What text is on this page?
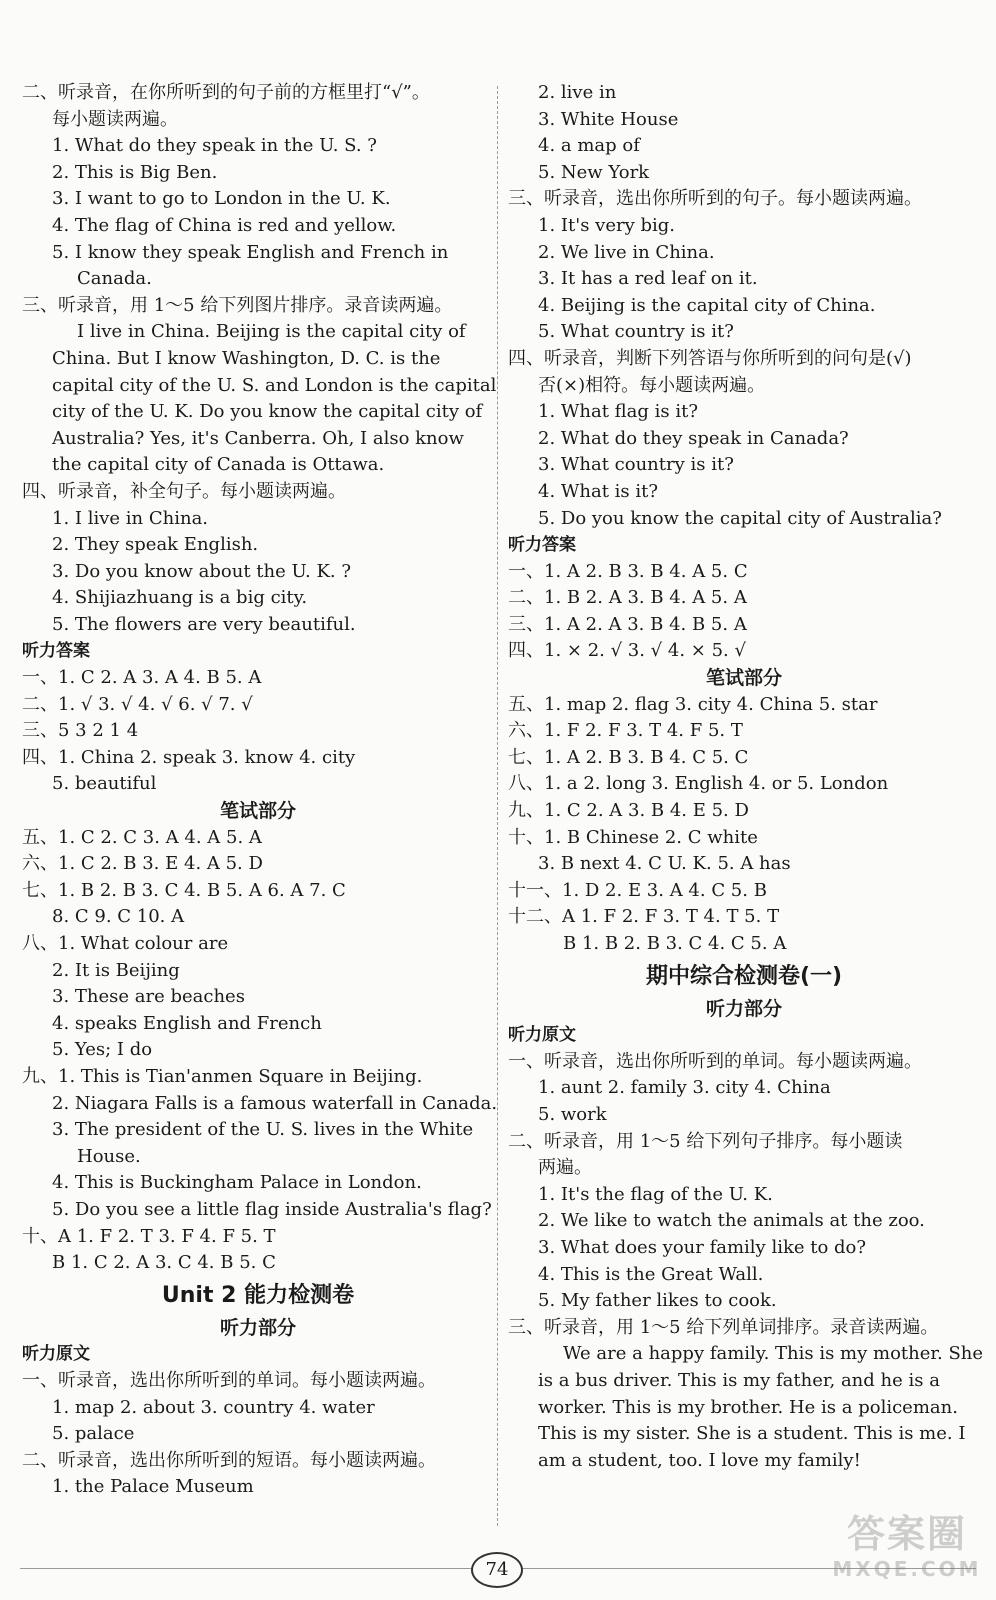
二、听录音，在你所听到的句子前的方框里打“√”。
每小题读两遍。
1. What do they speak in the U. S. ?
2. This is Big Ben.
3. I want to go to London in the U. K.
4. The flag of China is red and yellow.
5. I know they speak English and French in
Canada.
三、听录音，用 1～5 给下列图片排序。录音读两遍。
I live in China. Beijing is the capital city of
China. But I know Washington, D. C. is the
capital city of the U. S. and London is the capital
city of the U. K. Do you know the capital city of
Australia? Yes, it's Canberra. Oh, I also know
the capital city of Canada is Ottawa.
四、听录音，补全句子。每小题读两遍。
1. I live in China.
2. They speak English.
3. Do you know about the U. K. ?
4. Shijiazhuang is a big city.
5. The flowers are very beautiful.
听力答案
一、1. C 2. A 3. A 4. B 5. A
二、1. √ 3. √ 4. √ 6. √ 7. √
三、5 3 2 1 4
四、1. China 2. speak 3. know 4. city
5. beautiful
笔试部分
五、1. C 2. C 3. A 4. A 5. A
六、1. C 2. B 3. E 4. A 5. D
七、1. B 2. B 3. C 4. B 5. A 6. A 7. C
8. C 9. C 10. A
八、1. What colour are
2. It is Beijing
3. These are beaches
4. speaks English and French
5. Yes; I do
九、1. This is Tian'anmen Square in Beijing.
2. Niagara Falls is a famous waterfall in Canada.
3. The president of the U. S. lives in the White
House.
4. This is Buckingham Palace in London.
5. Do you see a little flag inside Australia's flag?
十、A 1. F 2. T 3. F 4. F 5. T
B 1. C 2. A 3. C 4. B 5. C
Unit 2 能力检测卷
听力部分
听力原文
一、听录音，选出你所听到的单词。每小题读两遍。
1. map 2. about 3. country 4. water
5. palace
二、听录音，选出你所听到的短语。每小题读两遍。
1. the Palace Museum
2. live in
3. White House
4. a map of
5. New York
三、听录音，选出你所听到的句子。每小题读两遍。
1. It's very big.
2. We live in China.
3. It has a red leaf on it.
4. Beijing is the capital city of China.
5. What country is it?
四、听录音，判断下列答语与你所听到的问句是(√)
否(×)相符。每小题读两遍。
1. What flag is it?
2. What do they speak in Canada?
3. What country is it?
4. What is it?
5. Do you know the capital city of Australia?
听力答案
一、1. A 2. B 3. B 4. A 5. C
二、1. B 2. A 3. B 4. A 5. A
三、1. A 2. A 3. B 4. B 5. A
四、1. × 2. √ 3. √ 4. × 5. √
笔试部分
五、1. map 2. flag 3. city 4. China 5. star
六、1. F 2. F 3. T 4. F 5. T
七、1. A 2. B 3. B 4. C 5. C
八、1. a 2. long 3. English 4. or 5. London
九、1. C 2. A 3. B 4. E 5. D
十、1. B Chinese 2. C white
3. B next 4. C U. K. 5. A has
十一、1. D 2. E 3. A 4. C 5. B
十二、A 1. F 2. F 3. T 4. T 5. T
B 1. B 2. B 3. C 4. C 5. A
期中综合检测卷(一)
听力部分
听力原文
一、听录音，选出你所听到的单词。每小题读两遍。
1. aunt 2. family 3. city 4. China
5. work
二、听录音，用 1～5 给下列句子排序。每小题读
两遍。
1. It's the flag of the U. K.
2. We like to watch the animals at the zoo.
3. What does your family like to do?
4. This is the Great Wall.
5. My father likes to cook.
三、听录音，用 1～5 给下列单词排序。录音读两遍。
We are a happy family. This is my mother. She
is a bus driver. This is my father, and he is a
worker. This is my brother. He is a policeman.
This is my sister. She is a student. This is me. I
am a student, too. I love my family!
74
答案圈
MXQE.COM
